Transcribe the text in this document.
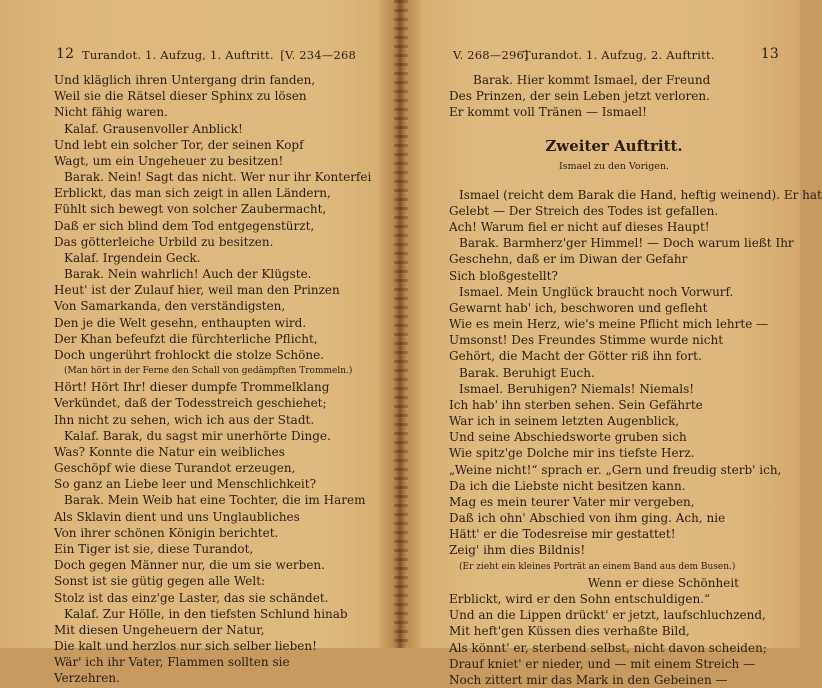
12 Turandot. 1. Aufzug, 1. Auftritt. [V. 234—268
Und kläglich ihren Untergang drin fanden,
Weil sie die Rätsel dieser Sphinx zu lösen
Nicht fähig waren.
Kalaf. Grausenvoller Anblick!
Und lebt ein solcher Tor, der seinen Kopf
Wagt, um ein Ungeheuer zu besitzen!
Barak. Nein! Sagt das nicht. Wer nur ihr Konterfei
Erblickt, das man sich zeigt in allen Ländern,
Fühlt sich bewegt von solcher Zaubermacht,
Daß er sich blind dem Tod entgegenstürzt,
Das götterleiche Urbild zu besitzen.
Kalaf. Irgendein Geck.
Barak. Nein wahrlich! Auch der Klügste.
Heut' ist der Zulauf hier, weil man den Prinzen
Von Samarkanda, den verständigsten,
Den je die Welt gesehn, enthaupten wird.
Der Khan befeufzt die fürchterliche Pflicht,
Doch ungerührt frohlockt die stolze Schöne.
(Man hört in der Ferne den Schall von gedämpften Trommeln.)
Hört! Hört Ihr! dieser dumpfe Trommelklang
Verkündet, daß der Todesstreich geschiehet;
Ihn nicht zu sehen, wich ich aus der Stadt.
Kalaf. Barak, du sagst mir unerhörte Dinge.
Was? Konnte die Natur ein weibliches
Geschöpf wie diese Turandot erzeugen,
So ganz an Liebe leer und Menschlichkeit?
Barak. Mein Weib hat eine Tochter, die im Harem
Als Sklavin dient und uns Unglaubliches
Von ihrer schönen Königin berichtet.
Ein Tiger ist sie, diese Turandot,
Doch gegen Männer nur, die um sie werben.
Sonst ist sie gütig gegen alle Welt:
Stolz ist das einz'ge Laster, das sie schändet.
Kalaf. Zur Hölle, in den tiefsten Schlund hinab
Mit diesen Ungeheuern der Natur,
Die kalt und herzlos nur sich selber lieben!
Wär' ich ihr Vater, Flammen sollten sie
Verzehren.
V. 268—296]
Turandot. 1. Aufzug, 2. Auftritt.	13
Barak. Hier kommt Ismael, der Freund
Des Prinzen, der sein Leben jetzt verloren.
Er kommt voll Tränen — Ismael!
Zweiter Auftritt.
Ismael zu den Vorigen.
Ismael (reicht dem Barak die Hand, heftig weinend). Er hat
Gelebt — Der Streich des Todes ist gefallen.
Ach! Warum fiel er nicht auf dieses Haupt!
Barak. Barmherz'ger Himmel! — Doch warum ließt Ihr
Geschehn, daß er im Diwan der Gefahr
Sich bloßgestellt?
Ismael. Mein Unglück braucht noch Vorwurf.
Gewarnt hab' ich, beschworen und gefleht
Wie es mein Herz, wie's meine Pflicht mich lehrte —
Umsonst! Des Freundes Stimme wurde nicht
Gehört, die Macht der Götter riß ihn fort.
Barak. Beruhigt Euch.
Ismael. Beruhigen? Niemals! Niemals!
Ich hab' ihn sterben sehen. Sein Gefährte
War ich in seinem letzten Augenblick,
Und seine Abschiedsworte gruben sich
Wie spitz'ge Dolche mir ins tiefste Herz.
„Weine nicht!“ sprach er. „Gern und freudig sterb' ich,
Da ich die Liebste nicht besitzen kann.
Mag es mein teurer Vater mir vergeben,
Daß ich ohn' Abschied von ihm ging. Ach, nie
Hätt' er die Todesreise mir gestattet!
Zeig' ihm dies Bildnis!
(Er zieht ein kleines Porträt an einem Band aus dem Busen.)
Wenn er diese Schönheit
Erblickt, wird er den Sohn entschuldigen.“
Und an die Lippen drückt' er jetzt, laufschluchzend,
Mit heft'gen Küssen dies verhaßte Bild,
Als könnt' er, sterbend selbst, nicht davon scheiden;
Drauf kniet' er nieder, und — mit einem Streich —
Noch zittert mir das Mark in den Gebeinen —
